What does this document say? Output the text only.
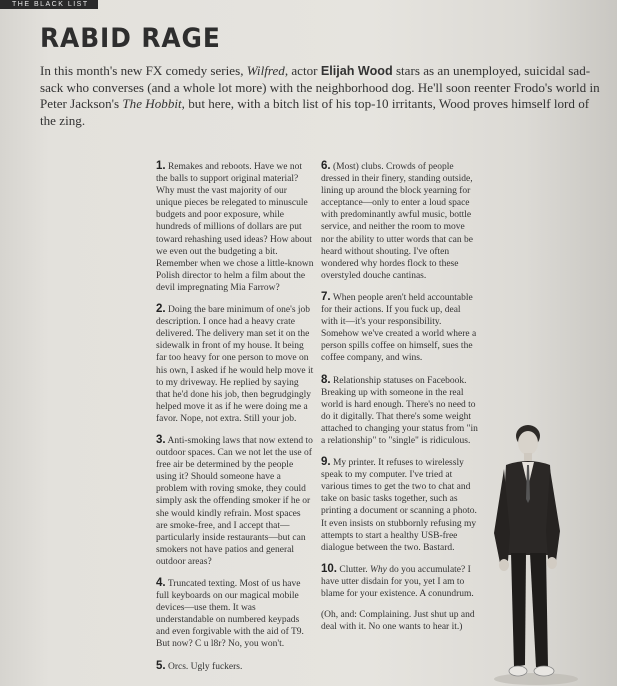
THE BLACK LIST
RABID RAGE

In this month's new FX comedy series, Wilfred, actor Elijah Wood stars as an unemployed, suicidal sad-sack who converses (and a whole lot more) with the neighborhood dog. He'll soon reenter Frodo's world in Peter Jackson's The Hobbit, but here, with a bitch list of his top-10 irritants, Wood proves himself lord of the zing.

1. Remakes and reboots. Have we not the balls to support original material? Why must the vast majority of our unique pieces be relegated to minuscule budgets and poor exposure, while hundreds of millions of dollars are put toward rehashing used ideas? How about we even out the budgeting a bit. Remember when we chose a little-known Polish director to helm a film about the devil impregnating Mia Farrow?

2. Doing the bare minimum of one's job description. I once had a heavy crate delivered. The delivery man set it on the sidewalk in front of my house. It being far too heavy for one person to move on his own, I asked if he would help move it to my driveway. He replied by saying that he'd done his job, then begrudgingly helped move it as if he were doing me a favor. Nope, not extra. Still your job.

3. Anti-smoking laws that now extend to outdoor spaces. Can we not let the use of free air be determined by the people using it? Should someone have a problem with roving smoke, they could simply ask the offending smoker if he or she would kindly refrain. Most spaces are smoke-free, and I accept that—particularly inside restaurants—but can smokers not have patios and general outdoor areas?

4. Truncated texting. Most of us have full keyboards on our magical mobile devices—use them. It was understandable on numbered keypads and even forgivable with the aid of T9. But now? C u l8r? No, you won't.

5. Orcs. Ugly fuckers.

6. (Most) clubs. Crowds of people dressed in their finery, standing outside, lining up around the block yearning for acceptance—only to enter a loud space with predominantly awful music, bottle service, and neither the room to move nor the ability to utter words that can be heard without shouting. I've often wondered why hordes flock to these overstyled douche cantinas.

7. When people aren't held accountable for their actions. If you fuck up, deal with it—it's your responsibility. Somehow we've created a world where a person spills coffee on himself, sues the coffee company, and wins.

8. Relationship statuses on Facebook. Breaking up with someone in the real world is hard enough. There's no need to do it digitally. That there's some weight attached to changing your status from "in a relationship" to "single" is ridiculous.

9. My printer. It refuses to wirelessly speak to my computer. I've tried at various times to get the two to chat and take on basic tasks together, such as printing a document or scanning a photo. It even insists on stubbornly refusing my attempts to start a healthy USB-free dialogue between the two. Bastard.

10. Clutter. Why do you accumulate? I have utter disdain for you, yet I am to blame for your existence. A conundrum.

(Oh, and: Complaining. Just shut up and deal with it. No one wants to hear it.)
